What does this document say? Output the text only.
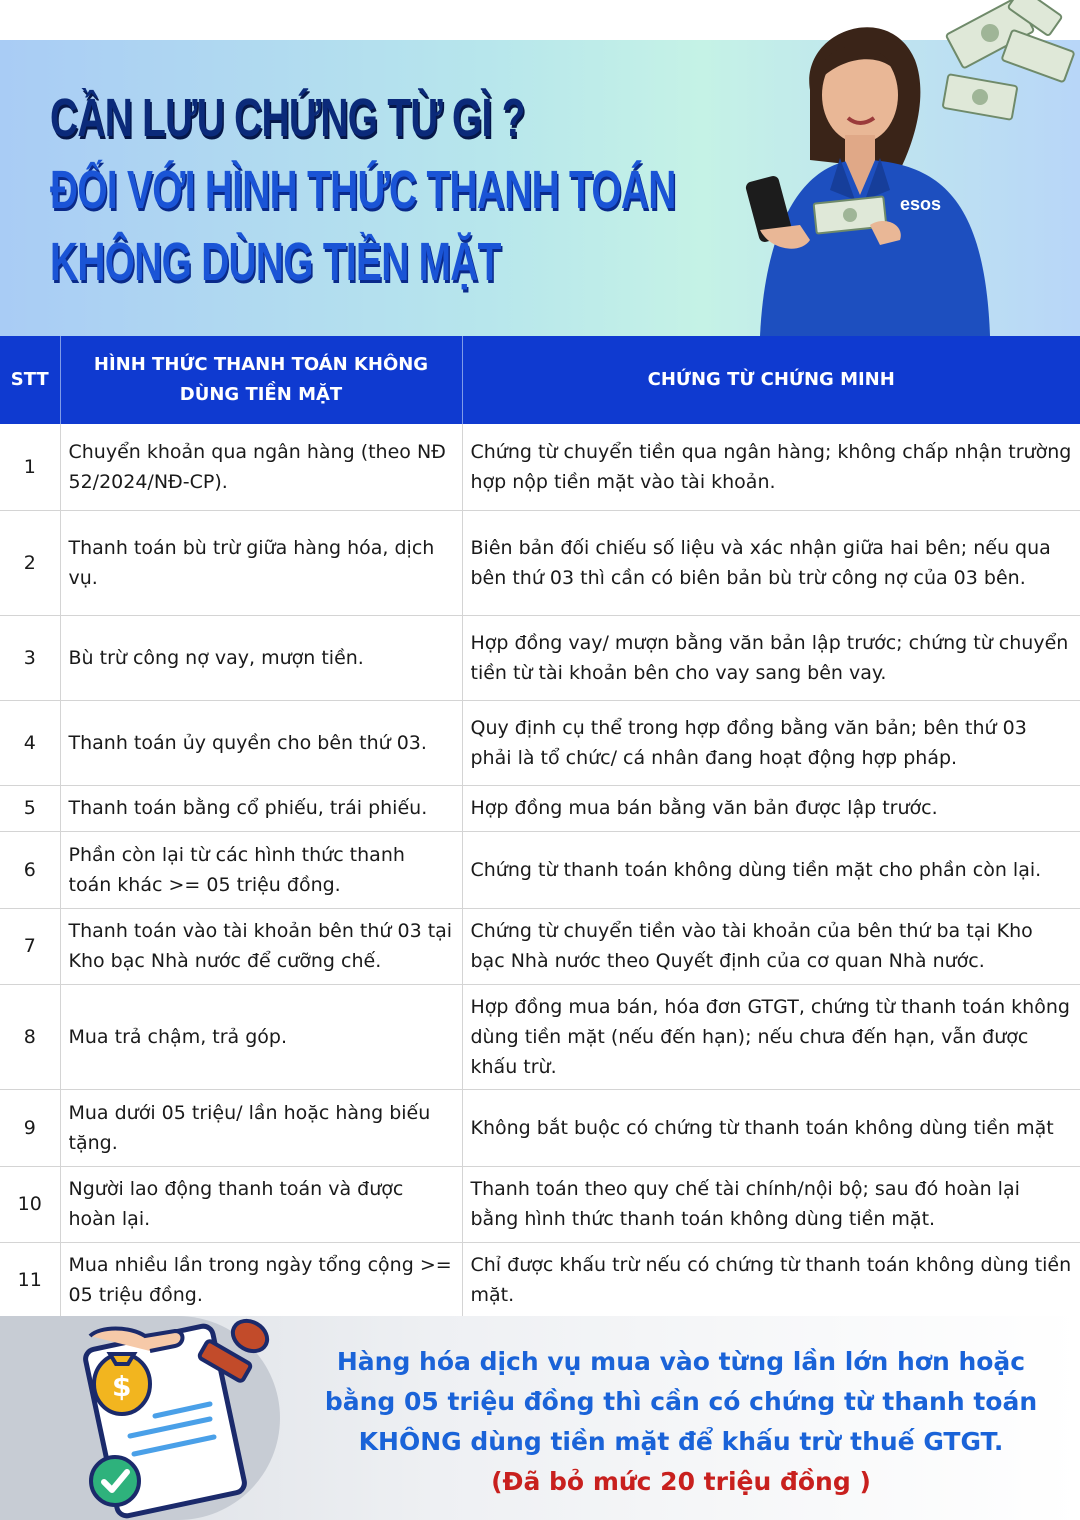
CẦN LƯU CHỨNG TỪ GÌ ?
ĐỐI VỚI HÌNH THỨC THANH TOÁN
KHÔNG DÙNG TIỀN MẶT
esos
STT	HÌNH THỨC THANH TOÁN KHÔNG DÙNG TIỀN MẶT	CHỨNG TỪ CHỨNG MINH
1	Chuyển khoản qua ngân hàng (theo NĐ 52/2024/NĐ-CP).	Chứng từ chuyển tiền qua ngân hàng; không chấp nhận trường hợp nộp tiền mặt vào tài khoản.
2	Thanh toán bù trừ giữa hàng hóa, dịch vụ.	Biên bản đối chiếu số liệu và xác nhận giữa hai bên; nếu qua bên thứ 03 thì cần có biên bản bù trừ công nợ của 03 bên.
3	Bù trừ công nợ vay, mượn tiền.	Hợp đồng vay/ mượn bằng văn bản lập trước; chứng từ chuyển tiền từ tài khoản bên cho vay sang bên vay.
4	Thanh toán ủy quyền cho bên thứ 03.	Quy định cụ thể trong hợp đồng bằng văn bản; bên thứ 03 phải là tổ chức/ cá nhân đang hoạt động hợp pháp.
5	Thanh toán bằng cổ phiếu, trái phiếu.	Hợp đồng mua bán bằng văn bản được lập trước.
6	Phần còn lại từ các hình thức thanh toán khác >= 05 triệu đồng.	Chứng từ thanh toán không dùng tiền mặt cho phần còn lại.
7	Thanh toán vào tài khoản bên thứ 03 tại Kho bạc Nhà nước để cưỡng chế.	Chứng từ chuyển tiền vào tài khoản của bên thứ ba tại Kho bạc Nhà nước theo Quyết định của cơ quan Nhà nước.
8	Mua trả chậm, trả góp.	Hợp đồng mua bán, hóa đơn GTGT, chứng từ thanh toán không dùng tiền mặt (nếu đến hạn); nếu chưa đến hạn, vẫn được khấu trừ.
9	Mua dưới 05 triệu/ lần hoặc hàng biếu tặng.	Không bắt buộc có chứng từ thanh toán không dùng tiền mặt
10	Người lao động thanh toán và được hoàn lại.	Thanh toán theo quy chế tài chính/nội bộ; sau đó hoàn lại bằng hình thức thanh toán không dùng tiền mặt.
11	Mua nhiều lần trong ngày tổng cộng >= 05 triệu đồng.	Chỉ được khấu trừ nếu có chứng từ thanh toán không dùng tiền mặt.
$
Hàng hóa dịch vụ mua vào từng lần lớn hơn hoặc bằng 05 triệu đồng thì cần có chứng từ thanh toán KHÔNG dùng tiền mặt để khấu trừ thuế GTGT.
(Đã bỏ mức 20 triệu đồng )
